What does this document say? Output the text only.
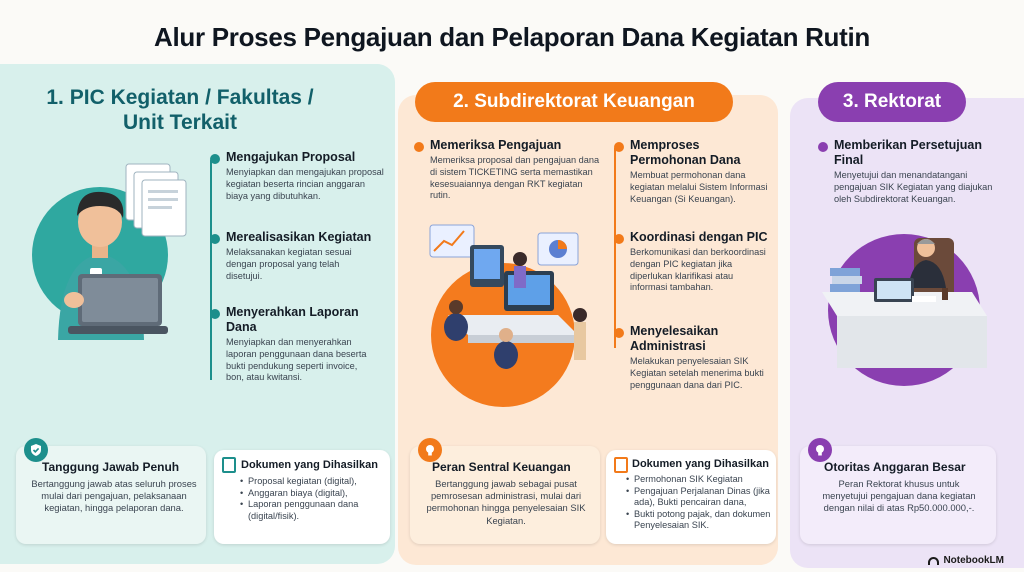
Alur Proses Pengajuan dan Pelaporan Dana Kegiatan Rutin
1. PIC Kegiatan / Fakultas / Unit Terkait
Mengajukan Proposal
Menyiapkan dan mengajukan proposal kegiatan beserta rincian anggaran biaya yang dibutuhkan.
Merealisasikan Kegiatan
Melaksanakan kegiatan sesuai dengan proposal yang telah disetujui.
Menyerahkan Laporan Dana
Menyiapkan dan menyerahkan laporan penggunaan dana beserta bukti pendukung seperti invoice, bon, atau kwitansi.
Tanggung Jawab Penuh
Bertanggung jawab atas seluruh proses mulai dari pengajuan, pelaksanaan kegiatan, hingga pelaporan dana.
Dokumen yang Dihasilkan
• Proposal kegiatan (digital),
• Anggaran biaya (digital),
• Laporan penggunaan dana (digital/fisik).
2. Subdirektorat Keuangan
Memeriksa Pengajuan
Memeriksa proposal dan pengajuan dana di sistem TICKETING serta memastikan kesesuaiannya dengan RKT kegiatan rutin.
Memproses Permohonan Dana
Membuat permohonan dana kegiatan melalui Sistem Informasi Keuangan (Si Keuangan).
Koordinasi dengan PIC
Berkomunikasi dan berkoordinasi dengan PIC kegiatan jika diperlukan klarifikasi atau informasi tambahan.
Menyelesaikan Administrasi
Melakukan penyelesaian SIK Kegiatan setelah menerima bukti penggunaan dana dari PIC.
Peran Sentral Keuangan
Bertanggung jawab sebagai pusat pemrosesan administrasi, mulai dari permohonan hingga penyelesaian SIK Kegiatan.
Dokumen yang Dihasilkan
• Permohonan SIK Kegiatan
• Pengajuan Perjalanan Dinas (jika ada), Bukti pencairan dana,
• Bukti potong pajak, dan dokumen Penyelesaian SIK.
3. Rektorat
Memberikan Persetujuan Final
Menyetujui dan menandatangani pengajuan SIK Kegiatan yang diajukan oleh Subdirektorat Keuangan.
Otoritas Anggaran Besar
Peran Rektorat khusus untuk menyetujui pengajuan dana kegiatan dengan nilai di atas Rp50.000.000,-.
NotebookLM
